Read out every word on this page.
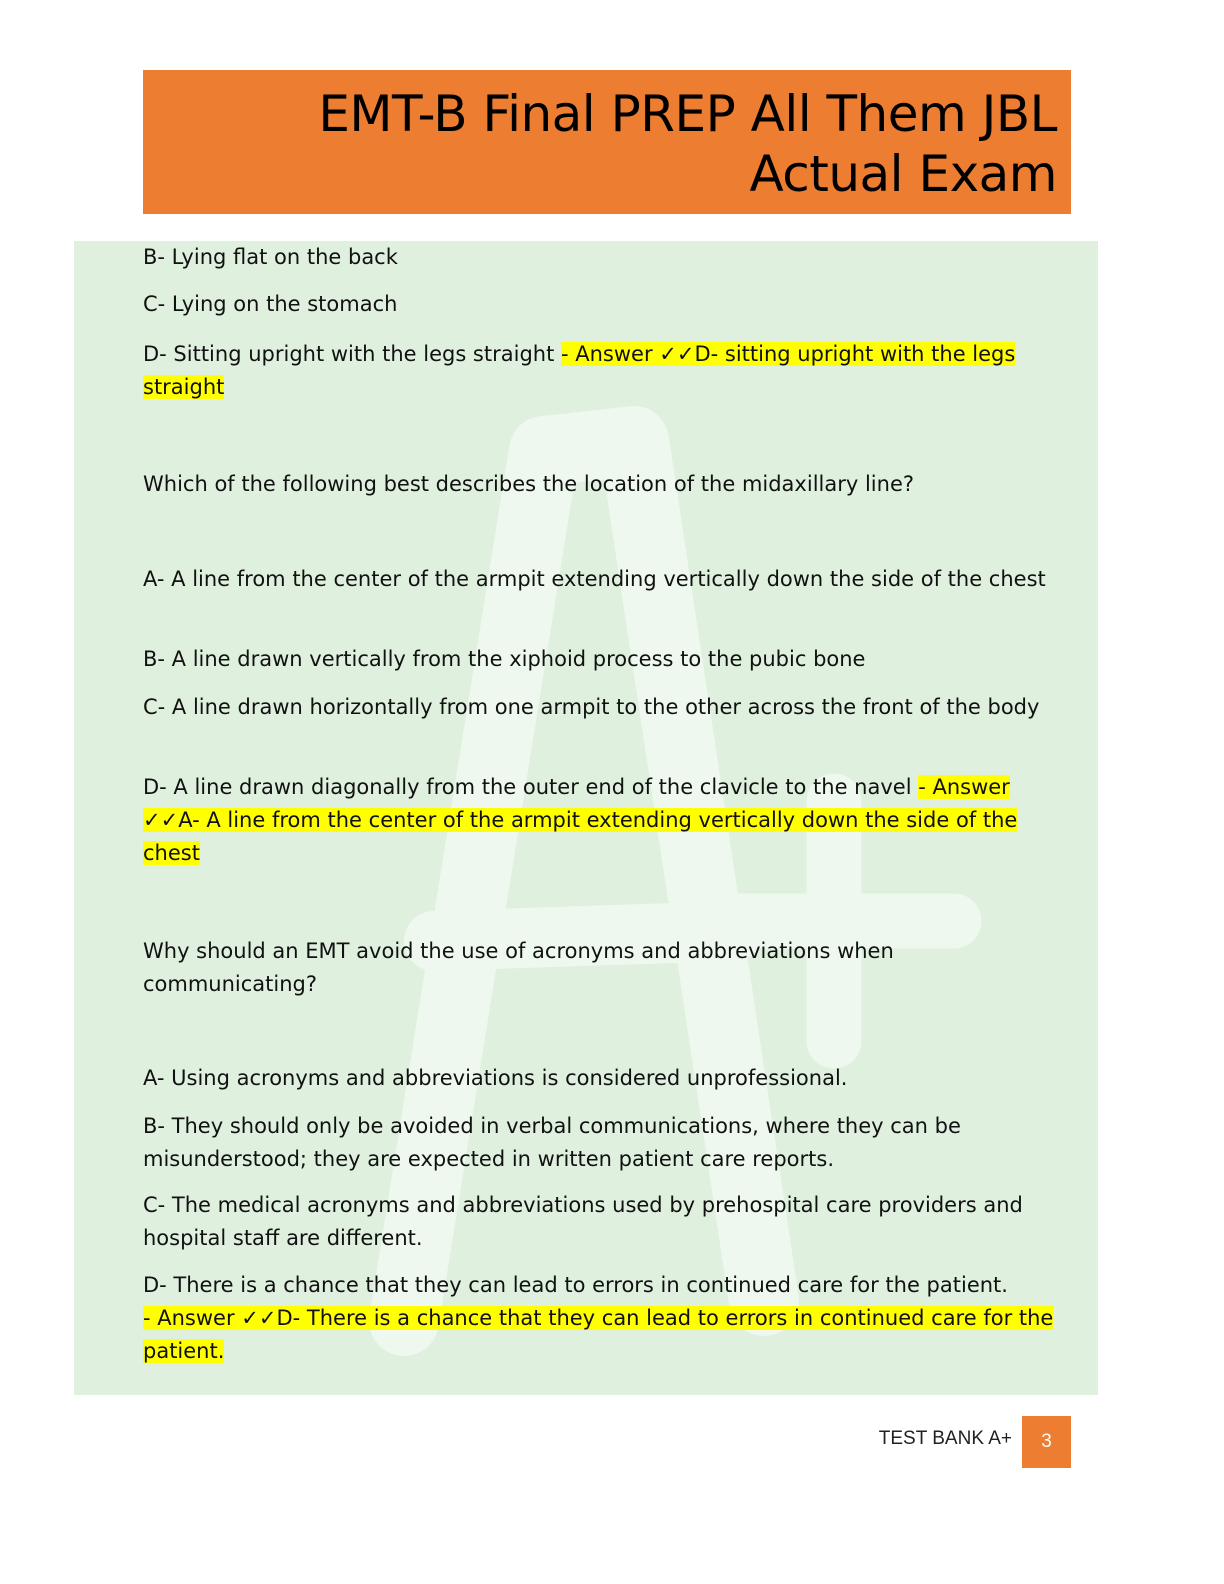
EMT-B Final PREP All Them JBL

Actual Exam

B- Lying flat on the back

C- Lying on the stomach

D- Sitting upright with the legs straight - Answer ✓✓D- sitting upright with the legs
straight

Which of the following best describes the location of the midaxillary line?

A- A line from the center of the armpit extending vertically down the side of the chest

B- A line drawn vertically from the xiphoid process to the pubic bone

C- A line drawn horizontally from one armpit to the other across the front of the body

D- A line drawn diagonally from the outer end of the clavicle to the navel - Answer ✓✓A- A line from the center of the armpit extending vertically down the side of the chest

Why should an EMT avoid the use of acronyms and abbreviations when communicating?

A- Using acronyms and abbreviations is considered unprofessional.

B- They should only be avoided in verbal communications, where they can be misunderstood; they are expected in written patient care reports.

C- The medical acronyms and abbreviations used by prehospital care providers and hospital staff are different.

D- There is a chance that they can lead to errors in continued care for the patient.
- Answer ✓✓D- There is a chance that they can lead to errors in continued care for the patient.

TEST BANK A+	3
